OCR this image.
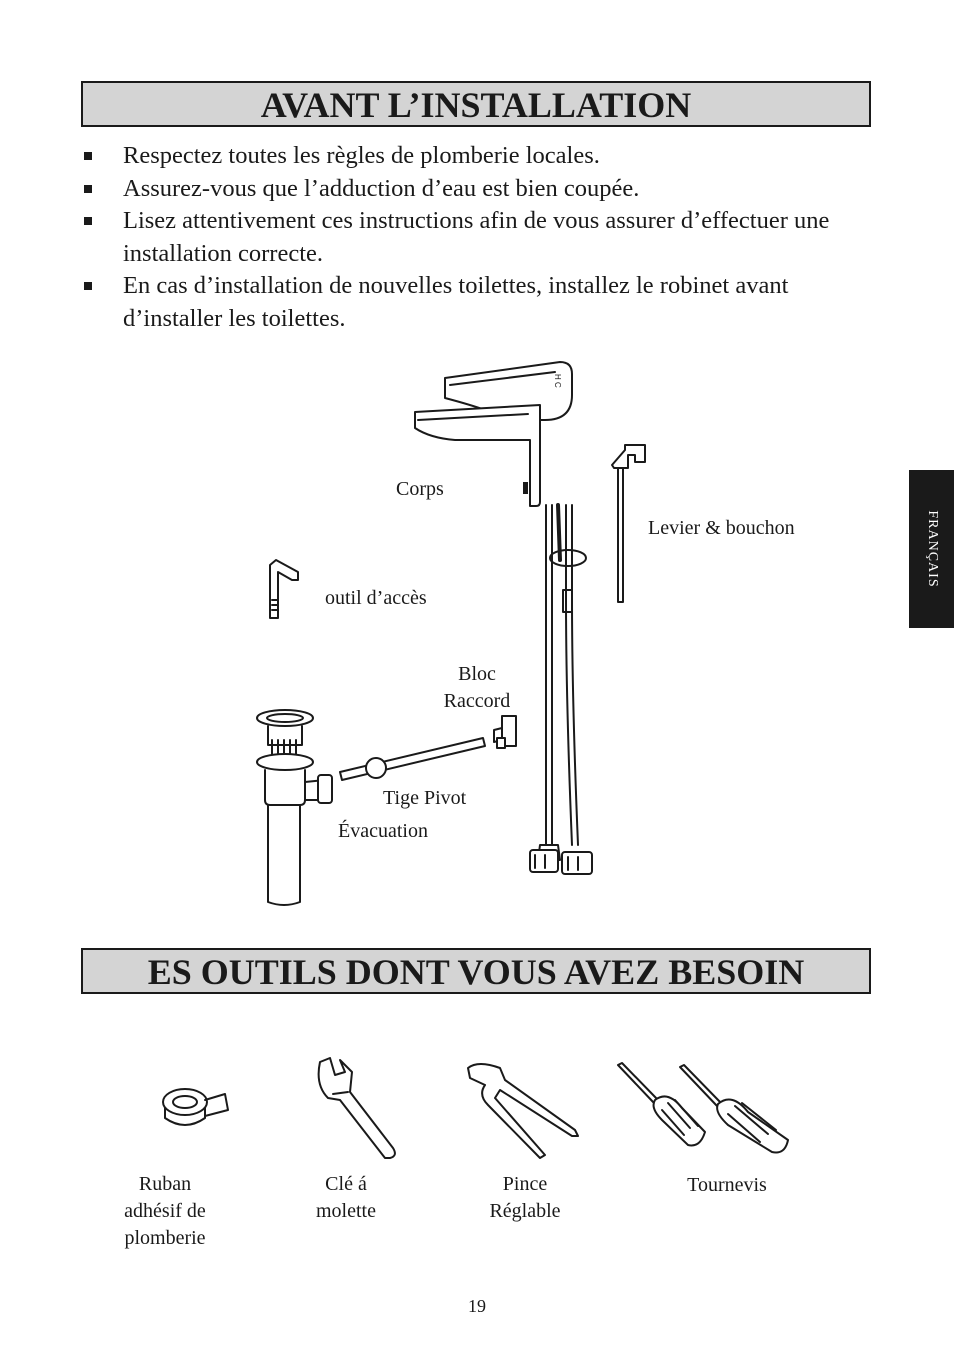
AVANT L’INSTALLATION
Respectez toutes les règles de plomberie locales.
Assurez-vous que l’adduction d’eau est bien coupée.
Lisez attentivement ces instructions afin de vous assurer d’effectuer une installation correcte.
En cas d’installation de nouvelles toilettes, installez le robinet avant d’installer les toilettes.
FRANÇAIS
H C
Corps
Levier & bouchon
outil d’accès
Bloc
Raccord
Tige Pivot
Évacuation
ES OUTILS DONT VOUS AVEZ BESOIN
Ruban
adhésif de
plomberie
Clé á
molette
Pince
Réglable
Tournevis
19
